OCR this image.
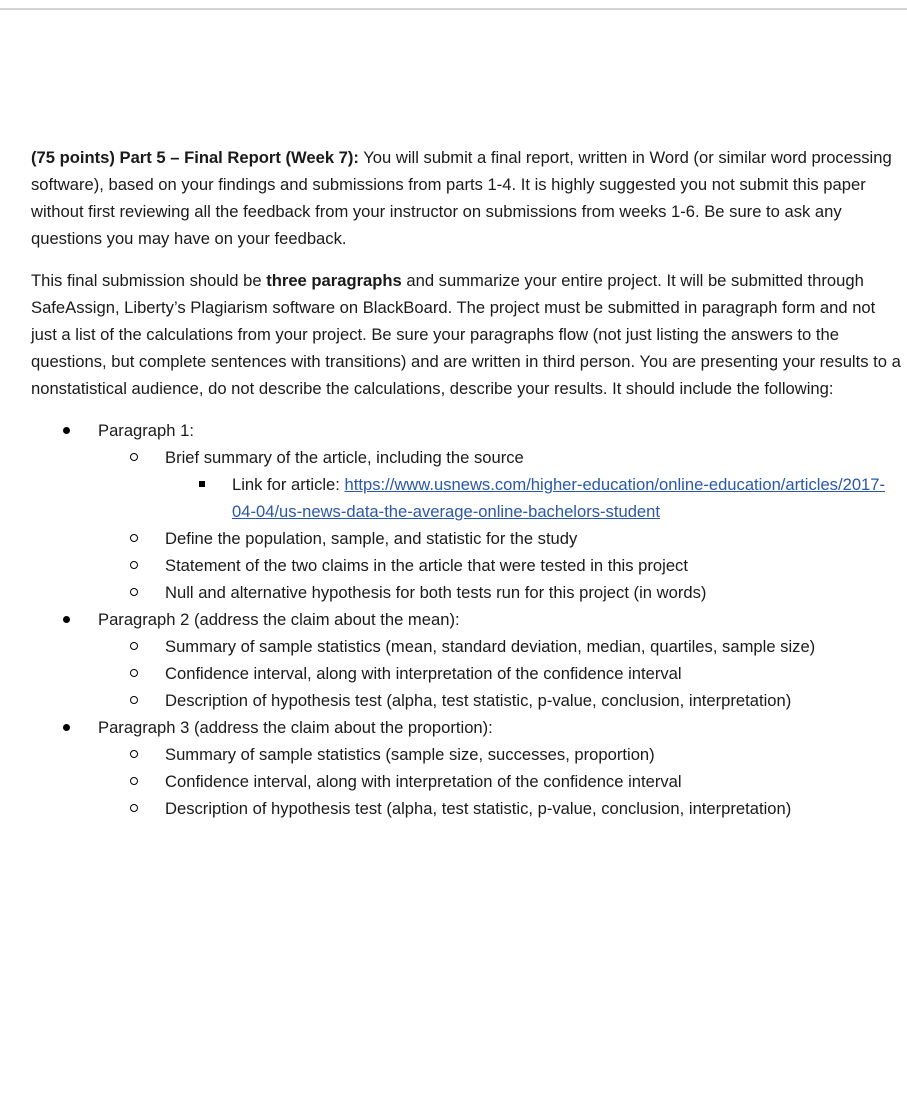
(75 points) Part 5 – Final Report (Week 7): You will submit a final report, written in Word (or similar word processing software), based on your findings and submissions from parts 1-4. It is highly suggested you not submit this paper without first reviewing all the feedback from your instructor on submissions from weeks 1-6. Be sure to ask any questions you may have on your feedback.

This final submission should be three paragraphs and summarize your entire project. It will be submitted through SafeAssign, Liberty’s Plagiarism software on BlackBoard. The project must be submitted in paragraph form and not just a list of the calculations from your project. Be sure your paragraphs flow (not just listing the answers to the questions, but complete sentences with transitions) and are written in third person. You are presenting your results to a nonstatistical audience, do not describe the calculations, describe your results. It should include the following:

Paragraph 1:
Brief summary of the article, including the source
Link for article: https://www.usnews.com/higher-education/online-education/articles/2017-04-04/us-news-data-the-average-online-bachelors-student
Define the population, sample, and statistic for the study
Statement of the two claims in the article that were tested in this project
Null and alternative hypothesis for both tests run for this project (in words)
Paragraph 2 (address the claim about the mean):
Summary of sample statistics (mean, standard deviation, median, quartiles, sample size)
Confidence interval, along with interpretation of the confidence interval
Description of hypothesis test (alpha, test statistic, p-value, conclusion, interpretation)
Paragraph 3 (address the claim about the proportion):
Summary of sample statistics (sample size, successes, proportion)
Confidence interval, along with interpretation of the confidence interval
Description of hypothesis test (alpha, test statistic, p-value, conclusion, interpretation)
